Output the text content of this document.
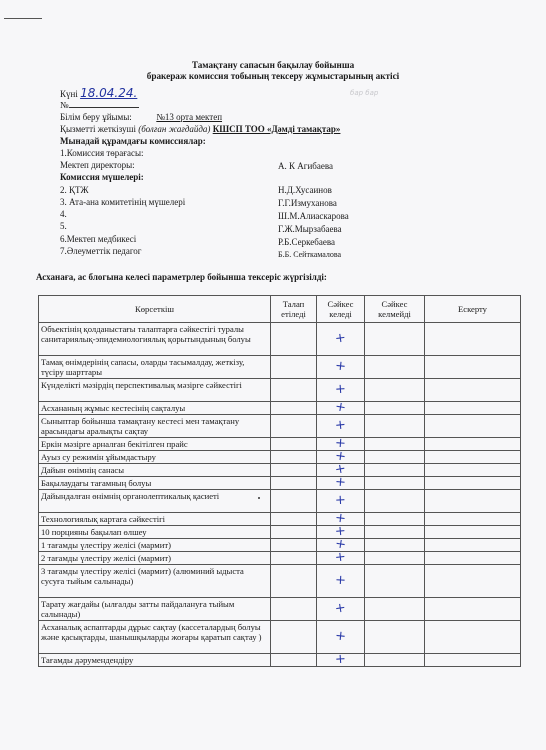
Тамақтану сапасын бақылау бойынша
бракераж комиссия тобының тексеру жұмыстарының актісі
Күні 18.04.24.	бар бар
№
Білім беру ұйымы:	№13 орта мектеп
Қызметті жеткізуші (болған жағдайда) КШСП ТОО «Дәмді тамақтар»
Мынадай құрамдағы комиссиялар:
1.Комиссия төрағасы:
Мектеп директоры:	А. К Агибаева
Комиссия мүшелері:
2. ҚТЖ	Н.Д.Хусаинов
3. Ата-ана комитетінің мүшелері	Г.Г.Измуханова
4.	Ш.М.Алиаскарова
5.	Г.Ж.Мырзабаева
6.Мектеп медбикесі	Р.Б.Серкебаева
7.Әлеуметтік педагог	Б.Б. Сейткамалова
Асханаға, ас блогына келесі параметрлер бойынша тексеріс жүргізілді:
Көрсеткіш	Талап етіледі	Сәйкес келеді	Сәйкес келмейді	Ескерту
Объектінің қолданыстағы талаптарға сәйкестігі туралы санитариялық-эпидемиологиялық қорытындының болуы		+		
Тамақ өнімдерінің сапасы, оларды тасымалдау, жеткізу, түсіру шарттары		+		
Күнделікті мәзірдің перспективалық мәзірге сәйкестігі		+		
Асхананың жұмыс кестесінің сақталуы		+		
Сыныптар бойынша тамақтану кестесі мен тамақтану арасындағы аралықты сақтау		+		
Еркін мәзірге арналған бекітілген прайс		+		
Ауыз су режимін ұйымдастыру		+		
Дайын өнімнің санасы		+		
Бақылаудағы тағамның болуы		+		
Дайындалған өнімнің органолептикалық қасиеті		+		
Технологиялық картаға сәйкестігі		+		
10 порцияны бақылап өлшеу		+		
1 тағамды үлестіру желісі (мармит)		+		
2 тағамды үлестіру желісі (мармит)		+		
3 тағамды үлестіру желісі (мармит) (алюминий ыдыста сусуға тыйым салынады)		+		
Тарату жағдайы (ылғалды затты пайдалануға тыйым салынады)		+		
Асханалық аспаптарды дұрыс сақтау (кассеталардың болуы және қасықтарды, шанышқыларды жоғары қаратып сақтау )		+		
Тағамды дәрумендендіру		+		
